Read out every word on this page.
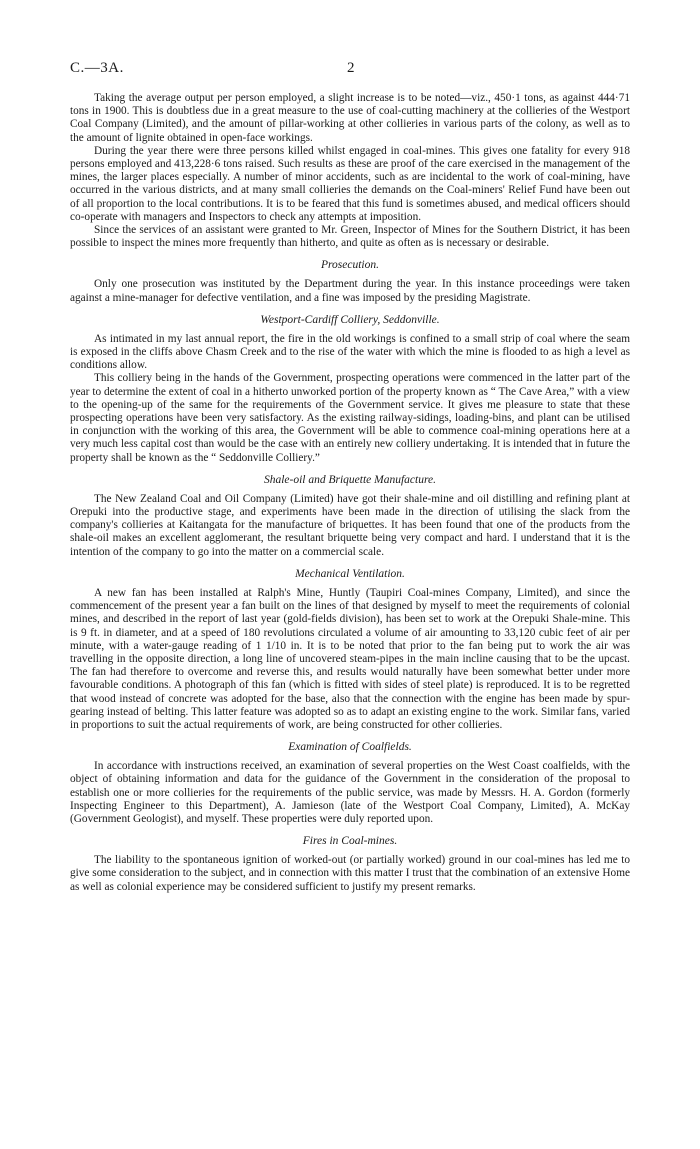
C.—3A.	2

Taking the average output per person employed, a slight increase is to be noted—viz., 450·1 tons, as against 444·71 tons in 1900. This is doubtless due in a great measure to the use of coal-cutting machinery at the collieries of the Westport Coal Company (Limited), and the amount of pillar-working at other collieries in various parts of the colony, as well as to the amount of lignite obtained in open-face workings.

During the year there were three persons killed whilst engaged in coal-mines. This gives one fatality for every 918 persons employed and 413,228·6 tons raised. Such results as these are proof of the care exercised in the management of the mines, the larger places especially. A number of minor accidents, such as are incidental to the work of coal-mining, have occurred in the various districts, and at many small collieries the demands on the Coal-miners' Relief Fund have been out of all proportion to the local contributions. It is to be feared that this fund is sometimes abused, and medical officers should co-operate with managers and Inspectors to check any attempts at imposition.

Since the services of an assistant were granted to Mr. Green, Inspector of Mines for the Southern District, it has been possible to inspect the mines more frequently than hitherto, and quite as often as is necessary or desirable.

Prosecution.

Only one prosecution was instituted by the Department during the year. In this instance proceedings were taken against a mine-manager for defective ventilation, and a fine was imposed by the presiding Magistrate.

Westport-Cardiff Colliery, Seddonville.

As intimated in my last annual report, the fire in the old workings is confined to a small strip of coal where the seam is exposed in the cliffs above Chasm Creek and to the rise of the water with which the mine is flooded to as high a level as conditions allow.

This colliery being in the hands of the Government, prospecting operations were commenced in the latter part of the year to determine the extent of coal in a hitherto unworked portion of the property known as “ The Cave Area,” with a view to the opening-up of the same for the requirements of the Government service. It gives me pleasure to state that these prospecting operations have been very satisfactory. As the existing railway-sidings, loading-bins, and plant can be utilised in conjunction with the working of this area, the Government will be able to commence coal-mining operations here at a very much less capital cost than would be the case with an entirely new colliery undertaking. It is intended that in future the property shall be known as the “ Seddonville Colliery.”

Shale-oil and Briquette Manufacture.

The New Zealand Coal and Oil Company (Limited) have got their shale-mine and oil distilling and refining plant at Orepuki into the productive stage, and experiments have been made in the direction of utilising the slack from the company's collieries at Kaitangata for the manufacture of briquettes. It has been found that one of the products from the shale-oil makes an excellent agglomerant, the resultant briquette being very compact and hard. I understand that it is the intention of the company to go into the matter on a commercial scale.

Mechanical Ventilation.

A new fan has been installed at Ralph's Mine, Huntly (Taupiri Coal-mines Company, Limited), and since the commencement of the present year a fan built on the lines of that designed by myself to meet the requirements of colonial mines, and described in the report of last year (gold-fields division), has been set to work at the Orepuki Shale-mine. This is 9 ft. in diameter, and at a speed of 180 revolutions circulated a volume of air amounting to 33,120 cubic feet of air per minute, with a water-gauge reading of 1 1/10 in. It is to be noted that prior to the fan being put to work the air was travelling in the opposite direction, a long line of uncovered steam-pipes in the main incline causing that to be the upcast. The fan had therefore to overcome and reverse this, and results would naturally have been somewhat better under more favourable conditions. A photograph of this fan (which is fitted with sides of steel plate) is reproduced. It is to be regretted that wood instead of concrete was adopted for the base, also that the connection with the engine has been made by spur-gearing instead of belting. This latter feature was adopted so as to adapt an existing engine to the work. Similar fans, varied in proportions to suit the actual requirements of work, are being constructed for other collieries.

Examination of Coalfields.

In accordance with instructions received, an examination of several properties on the West Coast coalfields, with the object of obtaining information and data for the guidance of the Government in the consideration of the proposal to establish one or more collieries for the requirements of the public service, was made by Messrs. H. A. Gordon (formerly Inspecting Engineer to this Department), A. Jamieson (late of the Westport Coal Company, Limited), A. McKay (Government Geologist), and myself. These properties were duly reported upon.

Fires in Coal-mines.

The liability to the spontaneous ignition of worked-out (or partially worked) ground in our coal-mines has led me to give some consideration to the subject, and in connection with this matter I trust that the combination of an extensive Home as well as colonial experience may be considered sufficient to justify my present remarks.
